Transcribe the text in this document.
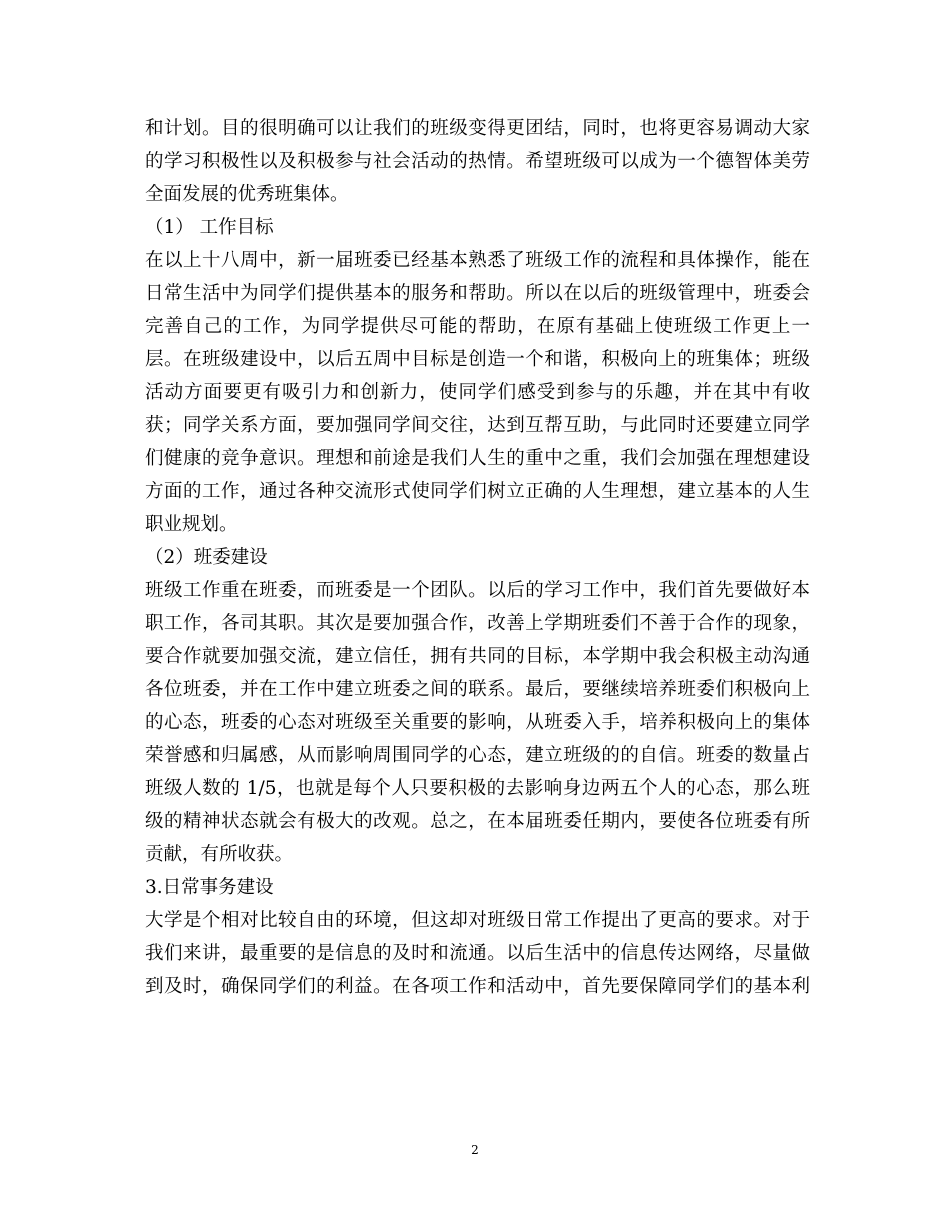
和计划。目的很明确可以让我们的班级变得更团结，同时，也将更容易调动大家
的学习积极性以及积极参与社会活动的热情。希望班级可以成为一个德智体美劳
全面发展的优秀班集体。
（1） 工作目标
在以上十八周中，新一届班委已经基本熟悉了班级工作的流程和具体操作，能在
日常生活中为同学们提供基本的服务和帮助。所以在以后的班级管理中，班委会
完善自己的工作，为同学提供尽可能的帮助，在原有基础上使班级工作更上一
层。在班级建设中，以后五周中目标是创造一个和谐，积极向上的班集体；班级
活动方面要更有吸引力和创新力，使同学们感受到参与的乐趣，并在其中有收
获；同学关系方面，要加强同学间交往，达到互帮互助，与此同时还要建立同学
们健康的竞争意识。理想和前途是我们人生的重中之重，我们会加强在理想建设
方面的工作，通过各种交流形式使同学们树立正确的人生理想，建立基本的人生
职业规划。
（2）班委建设
班级工作重在班委，而班委是一个团队。以后的学习工作中，我们首先要做好本
职工作，各司其职。其次是要加强合作，改善上学期班委们不善于合作的现象，
要合作就要加强交流，建立信任，拥有共同的目标，本学期中我会积极主动沟通
各位班委，并在工作中建立班委之间的联系。最后，要继续培养班委们积极向上
的心态，班委的心态对班级至关重要的影响，从班委入手，培养积极向上的集体
荣誉感和归属感，从而影响周围同学的心态，建立班级的的自信。班委的数量占
班级人数的 1/5，也就是每个人只要积极的去影响身边两五个人的心态，那么班
级的精神状态就会有极大的改观。总之，在本届班委任期内，要使各位班委有所
贡献，有所收获。
3.日常事务建设
大学是个相对比较自由的环境，但这却对班级日常工作提出了更高的要求。对于
我们来讲，最重要的是信息的及时和流通。以后生活中的信息传达网络，尽量做
到及时，确保同学们的利益。在各项工作和活动中，首先要保障同学们的基本利
2
